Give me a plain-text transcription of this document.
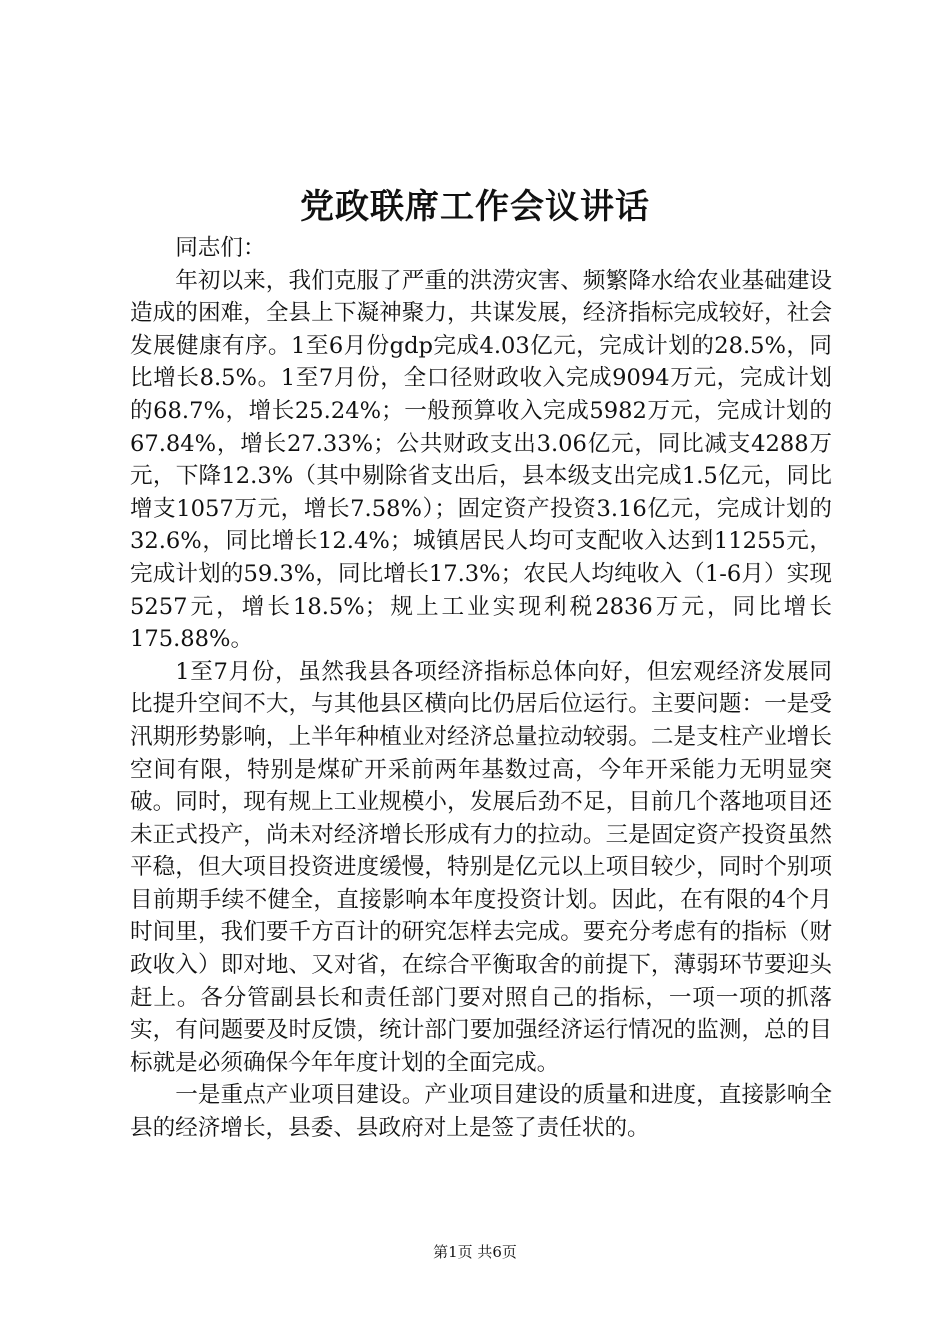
党政联席工作会议讲话

同志们：

年初以来，我们克服了严重的洪涝灾害、频繁降水给农业基础建设造成的困难，全县上下凝神聚力，共谋发展，经济指标完成较好，社会发展健康有序。1至6月份gdp完成4.03亿元，完成计划的28.5%，同比增长8.5%。1至7月份，全口径财政收入完成9094万元，完成计划的68.7%，增长25.24%；一般预算收入完成5982万元，完成计划的67.84%，增长27.33%；公共财政支出3.06亿元，同比减支4288万元，下降12.3%（其中剔除省支出后，县本级支出完成1.5亿元，同比增支1057万元，增长7.58%）；固定资产投资3.16亿元，完成计划的32.6%，同比增长12.4%；城镇居民人均可支配收入达到11255元，完成计划的59.3%，同比增长17.3%；农民人均纯收入（1-6月）实现5257元，增长18.5%；规上工业实现利税2836万元，同比增长175.88%。

1至7月份，虽然我县各项经济指标总体向好，但宏观经济发展同比提升空间不大，与其他县区横向比仍居后位运行。主要问题：一是受汛期形势影响，上半年种植业对经济总量拉动较弱。二是支柱产业增长空间有限，特别是煤矿开采前两年基数过高，今年开采能力无明显突破。同时，现有规上工业规模小，发展后劲不足，目前几个落地项目还未正式投产，尚未对经济增长形成有力的拉动。三是固定资产投资虽然平稳，但大项目投资进度缓慢，特别是亿元以上项目较少，同时个别项目前期手续不健全，直接影响本年度投资计划。因此，在有限的4个月时间里，我们要千方百计的研究怎样去完成。要充分考虑有的指标（财政收入）即对地、又对省，在综合平衡取舍的前提下，薄弱环节要迎头赶上。各分管副县长和责任部门要对照自己的指标，一项一项的抓落实，有问题要及时反馈，统计部门要加强经济运行情况的监测，总的目标就是必须确保今年年度计划的全面完成。

一是重点产业项目建设。产业项目建设的质量和进度，直接影响全县的经济增长，县委、县政府对上是签了责任状的。

第1页 共6页
